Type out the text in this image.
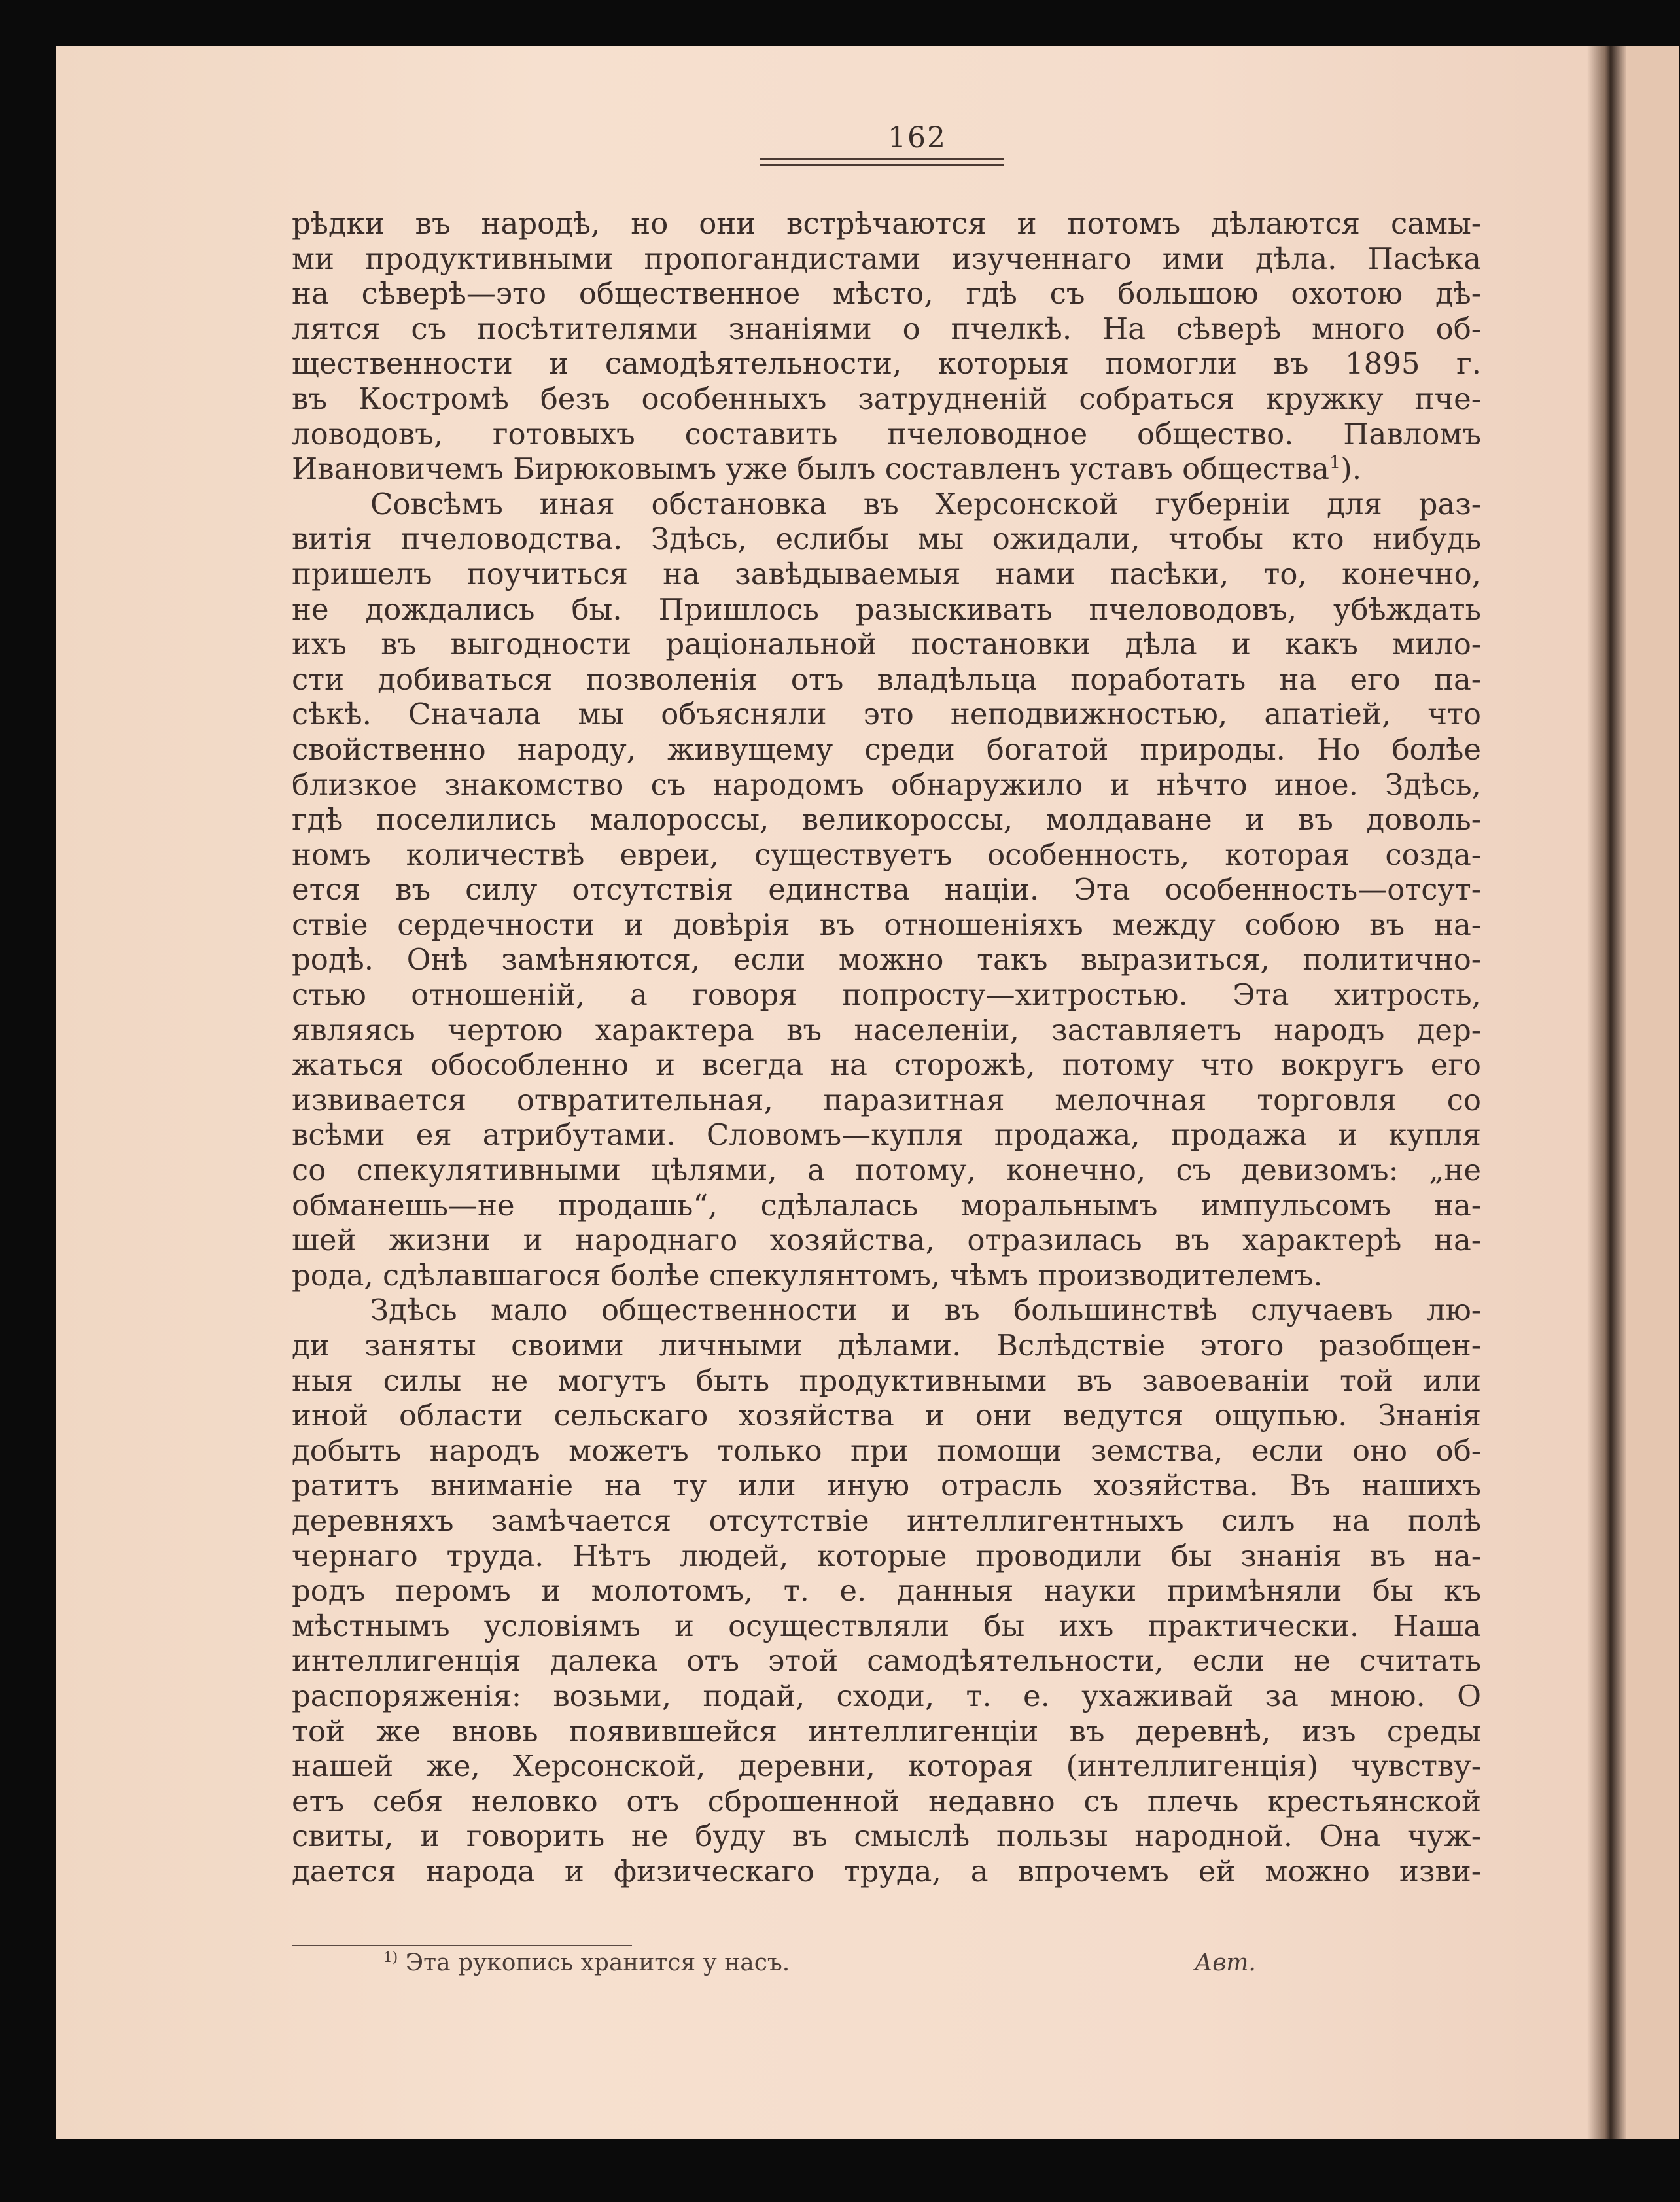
162
рѣдки въ народѣ, но они встрѣчаются и потомъ дѣлаются самы-
ми продуктивными пропогандистами изученнаго ими дѣла. Пасѣка
на сѣверѣ—это общественное мѣсто, гдѣ съ большою охотою дѣ-
лятся съ посѣтителями знаніями о пчелкѣ. На сѣверѣ много об-
щественности и самодѣятельности, которыя помогли въ 1895 г.
въ Костромѣ безъ особенныхъ затрудненій собраться кружку пче-
ловодовъ, готовыхъ составить пчеловодное общество. Павломъ
Ивановичемъ Бирюковымъ уже былъ составленъ уставъ общества$^1$).
Совсѣмъ иная обстановка въ Херсонской губерніи для раз-
витія пчеловодства. Здѣсь, еслибы мы ожидали, чтобы кто нибудь
пришелъ поучиться на завѣдываемыя нами пасѣки, то, конечно,
не дождались бы. Пришлось разыскивать пчеловодовъ, убѣждать
ихъ въ выгодности раціональной постановки дѣла и какъ мило-
сти добиваться позволенія отъ владѣльца поработать на его па-
сѣкѣ. Сначала мы объясняли это неподвижностью, апатіей, что
свойственно народу, живущему среди богатой природы. Но болѣе
близкое знакомство съ народомъ обнаружило и нѣчто иное. Здѣсь,
гдѣ поселились малороссы, великороссы, молдаване и въ доволь-
номъ количествѣ евреи, существуетъ особенность, которая созда-
ется въ силу отсутствія единства націи. Эта особенность—отсут-
ствіе сердечности и довѣрія въ отношеніяхъ между собою въ на-
родѣ. Онѣ замѣняются, если можно такъ выразиться, политично-
стью отношеній, а говоря попросту—хитростью. Эта хитрость,
являясь чертою характера въ населеніи, заставляетъ народъ дер-
жаться обособленно и всегда на сторожѣ, потому что вокругъ его
извивается отвратительная, паразитная мелочная торговля со
всѣми ея атрибутами. Словомъ—купля продажа, продажа и купля
со спекулятивными цѣлями, а потому, конечно, съ девизомъ: „не
обманешь—не продашь“, сдѣлалась моральнымъ импульсомъ на-
шей жизни и народнаго хозяйства, отразилась въ характерѣ на-
рода, сдѣлавшагося болѣе спекулянтомъ, чѣмъ производителемъ.
Здѣсь мало общественности и въ большинствѣ случаевъ лю-
ди заняты своими личными дѣлами. Вслѣдствіе этого разобщен-
ныя силы не могутъ быть продуктивными въ завоеваніи той или
иной области сельскаго хозяйства и они ведутся ощупью. Знанія
добыть народъ можетъ только при помощи земства, если оно об-
ратитъ вниманіе на ту или иную отрасль хозяйства. Въ нашихъ
деревняхъ замѣчается отсутствіе интеллигентныхъ силъ на полѣ
чернаго труда. Нѣтъ людей, которые проводили бы знанія въ на-
родъ перомъ и молотомъ, т. е. данныя науки примѣняли бы къ
мѣстнымъ условіямъ и осуществляли бы ихъ практически. Наша
интеллигенція далека отъ этой самодѣятельности, если не считать
распоряженія: возьми, подай, сходи, т. е. ухаживай за мною. О
той же вновь появившейся интеллигенціи въ деревнѣ, изъ среды
нашей же, Херсонской, деревни, которая (интеллигенція) чувству-
етъ себя неловко отъ сброшенной недавно съ плечь крестьянской
свиты, и говорить не буду въ смыслѣ пользы народной. Она чуж-
дается народа и физическаго труда, а впрочемъ ей можно изви-
$^{1)}$ Эта рукопись хранится у насъ.	Авт.
